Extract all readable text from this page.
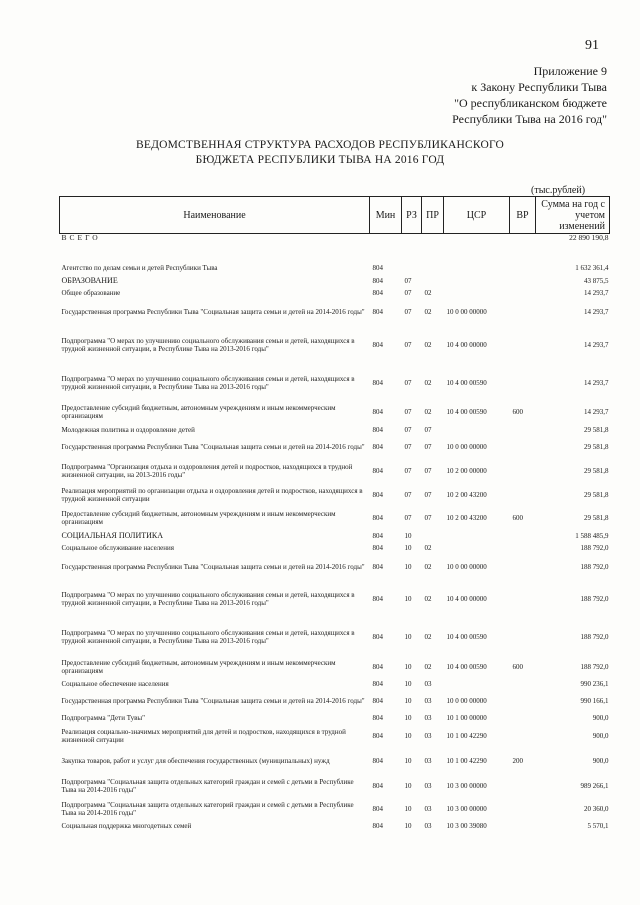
91
Приложение 9
к Закону Республики Тыва
"О республиканском бюджете
Республики Тыва на 2016 год"
ВЕДОМСТВЕННАЯ СТРУКТУРА РАСХОДОВ РЕСПУБЛИКАНСКОГО
БЮДЖЕТА РЕСПУБЛИКИ ТЫВА НА 2016 ГОД
(тыс.рублей)
Наименование	Мин	РЗ	ПР	ЦСР	ВР	Сумма на год с учетом изменений
ВСЕГО						22 890 190,8

Агентство по делам семьи и детей Республики Тыва	804					1 632 361,4
ОБРАЗОВАНИЕ	804	07				43 875,5
Общее образование	804	07	02			14 293,7
Государственная программа Республики Тыва "Социальная защита семьи и детей на 2014-2016 годы"	804	07	02	10 0 00 00000		14 293,7
Подпрограмма "О мерах по улучшению социального обслуживания семьи и детей, находящихся в трудной жизненной ситуации, в Республике Тыва на 2013-2016 годы"	804	07	02	10 4 00 00000		14 293,7
Подпрограмма "О мерах по улучшению социального обслуживания семьи и детей, находящихся в трудной жизненной ситуации, в Республике Тыва на 2013-2016 годы"	804	07	02	10 4 00 00590		14 293,7
Предоставление субсидий бюджетным, автономным учреждениям и иным некоммерческим организациям	804	07	02	10 4 00 00590	600	14 293,7
Молодежная политика и оздоровление детей	804	07	07			29 581,8
Государственная программа Республики Тыва "Социальная защита семьи и детей на 2014-2016 годы"	804	07	07	10 0 00 00000		29 581,8
Подпрограмма "Организация отдыха и оздоровления детей и подростков, находящихся в трудной жизненной ситуации, на 2013-2016 годы"	804	07	07	10 2 00 00000		29 581,8
Реализация мероприятий по организации отдыха и оздоровления детей и подростков, находящихся в трудной жизненной ситуации	804	07	07	10 2 00 43200		29 581,8
Предоставление субсидий бюджетным, автономным учреждениям и иным некоммерческим организациям	804	07	07	10 2 00 43200	600	29 581,8
СОЦИАЛЬНАЯ ПОЛИТИКА	804	10				1 588 485,9
Социальное обслуживание населения	804	10	02			188 792,0
Государственная программа Республики Тыва "Социальная защита семьи и детей на 2014-2016 годы"	804	10	02	10 0 00 00000		188 792,0
Подпрограмма "О мерах по улучшению социального обслуживания семьи и детей, находящихся в трудной жизненной ситуации, в Республике Тыва на 2013-2016 годы"	804	10	02	10 4 00 00000		188 792,0
Подпрограмма "О мерах по улучшению социального обслуживания семьи и детей, находящихся в трудной жизненной ситуации, в Республике Тыва на 2013-2016 годы"	804	10	02	10 4 00 00590		188 792,0
Предоставление субсидий бюджетным, автономным учреждениям и иным некоммерческим организациям	804	10	02	10 4 00 00590	600	188 792,0
Социальное обеспечение населения	804	10	03			990 236,1
Государственная программа Республики Тыва "Социальная защита семьи и детей на 2014-2016 годы"	804	10	03	10 0 00 00000		990 166,1
Подпрограмма "Дети Тувы"	804	10	03	10 1 00 00000		900,0
Реализация социально-значимых мероприятий для детей и подростков, находящихся в трудной жизненной ситуации	804	10	03	10 1 00 42290		900,0
Закупка товаров, работ и услуг для обеспечения государственных (муниципальных) нужд	804	10	03	10 1 00 42290	200	900,0
Подпрограмма "Социальная защита отдельных категорий граждан и семей с детьми в Республике Тыва на 2014-2016 годы"	804	10	03	10 3 00 00000		989 266,1
Подпрограмма "Социальная защита отдельных категорий граждан и семей с детьми в Республике Тыва на 2014-2016 годы"	804	10	03	10 3 00 00000		20 360,0
Социальная поддержка многодетных семей	804	10	03	10 3 00 39080		5 570,1
